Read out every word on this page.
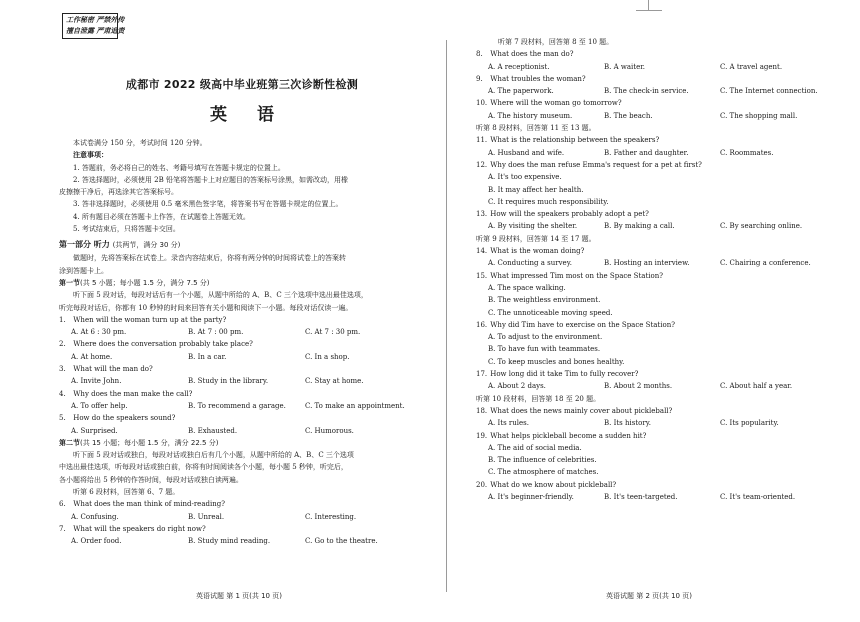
工作秘密 严禁外传
擅自泄露 严肃追责
成都市 2022 级高中毕业班第三次诊断性检测
英 语
本试卷满分 150 分，考试时间 120 分钟。
注意事项：
1. 答题前，务必将自己的姓名、考籍号填写在答题卡规定的位置上。
2. 答选择题时，必须使用 2B 铅笔将答题卡上对应题目的答案标号涂黑，如需改动，用橡
皮擦擦干净后，再选涂其它答案标号。
3. 答非选择题时，必须使用 0.5 毫米黑色签字笔，将答案书写在答题卡规定的位置上。
4. 所有题目必须在答题卡上作答，在试题卷上答题无效。
5. 考试结束后，只将答题卡交回。
第一部分 听力 (共两节，满分 30 分)
做题时，先将答案标在试卷上。录音内容结束后，你将有两分钟的时间将试卷上的答案转
涂到答题卡上。
第一节(共 5 小题；每小题 1.5 分，满分 7.5 分)
听下面 5 段对话，每段对话后有一个小题，从题中所给的 A、B、C 三个选项中选出最佳选项，
听完每段对话后，你都有 10 秒钟的时间来回答有关小题和阅读下一小题。每段对话仅读一遍。
1. When will the woman turn up at the party?
A. At 6 : 30 pm.	B. At 7 : 00 pm.	C. At 7 : 30 pm.
2. Where does the conversation probably take place?
A. At home.	B. In a car.	C. In a shop.
3. What will the man do?
A. Invite John.	B. Study in the library.	C. Stay at home.
4. Why does the man make the call?
A. To offer help.	B. To recommend a garage.	C. To make an appointment.
5. How do the speakers sound?
A. Surprised.	B. Exhausted.	C. Humorous.
第二节(共 15 小题；每小题 1.5 分，满分 22.5 分)
听下面 5 段对话或独白，每段对话或独白后有几个小题，从题中所给的 A、B、C 三个选项
中选出最佳选项，听每段对话或独白前，你将有时间阅读各个小题，每小题 5 秒钟，听完后，
各小题将给出 5 秒钟的作答时间，每段对话或独白读两遍。
听第 6 段材料，回答第 6、7 题。
6. What does the man think of mind-reading?
A. Confusing.	B. Unreal.	C. Interesting.
7. What will the speakers do right now?
A. Order food.	B. Study mind reading.	C. Go to the theatre.
听第 7 段材料，回答第 8 至 10 题。
8. What does the man do?
A. A receptionist.	B. A waiter.	C. A travel agent.
9. What troubles the woman?
A. The paperwork.	B. The check-in service.	C. The Internet connection.
10. Where will the woman go tomorrow?
A. The history museum.	B. The beach.	C. The shopping mall.
听第 8 段材料，回答第 11 至 13 题。
11. What is the relationship between the speakers?
A. Husband and wife.	B. Father and daughter.	C. Roommates.
12. Why does the man refuse Emma's request for a pet at first?
A. It's too expensive.
B. It may affect her health.
C. It requires much responsibility.
13. How will the speakers probably adopt a pet?
A. By visiting the shelter.	B. By making a call.	C. By searching online.
听第 9 段材料，回答第 14 至 17 题。
14. What is the woman doing?
A. Conducting a survey.	B. Hosting an interview.	C. Chairing a conference.
15. What impressed Tim most on the Space Station?
A. The space walking.
B. The weightless environment.
C. The unnoticeable moving speed.
16. Why did Tim have to exercise on the Space Station?
A. To adjust to the environment.
B. To have fun with teammates.
C. To keep muscles and bones healthy.
17. How long did it take Tim to fully recover?
A. About 2 days.	B. About 2 months.	C. About half a year.
听第 10 段材料，回答第 18 至 20 题。
18. What does the news mainly cover about pickleball?
A. Its rules.	B. Its history.	C. Its popularity.
19. What helps pickleball become a sudden hit?
A. The aid of social media.
B. The influence of celebrities.
C. The atmosphere of matches.
20. What do we know about pickleball?
A. It's beginner-friendly.	B. It's teen-targeted.	C. It's team-oriented.
英语试题 第 1 页(共 10 页)	英语试题 第 2 页(共 10 页)
